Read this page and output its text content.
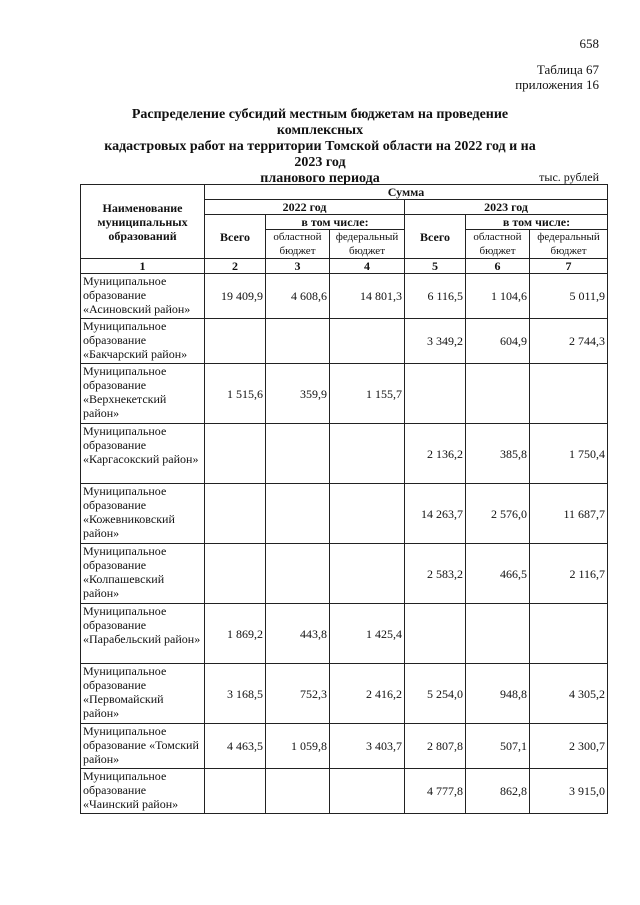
658
Таблица 67
приложения 16
Распределение субсидий местным бюджетам на проведение комплексных
кадастровых работ на территории Томской области на 2022 год и на 2023 год
планового периода	тыс. рублей
Наименование муниципальных образований	Сумма					
	2022 год			2023 год		
	Всего	в том числе:		Всего	в том числе:	
		областной бюджет	федеральный бюджет		областной бюджет	федеральный бюджет
1	2	3	4	5	6	7
Муниципальное образование «Асиновский район»	19 409,9	4 608,6	14 801,3	6 116,5	1 104,6	5 011,9
Муниципальное образование «Бакчарский район»				3 349,2	604,9	2 744,3
Муниципальное образование «Верхнекетский район»	1 515,6	359,9	1 155,7			
Муниципальное образование «Каргасокский район»				2 136,2	385,8	1 750,4
Муниципальное образование «Кожевниковский район»				14 263,7	2 576,0	11 687,7
Муниципальное образование «Колпашевский район»				2 583,2	466,5	2 116,7
Муниципальное образование «Парабельский район»	1 869,2	443,8	1 425,4			
Муниципальное образование «Первомайский район»	3 168,5	752,3	2 416,2	5 254,0	948,8	4 305,2
Муниципальное образование «Томский район»	4 463,5	1 059,8	3 403,7	2 807,8	507,1	2 300,7
Муниципальное образование «Чаинский район»				4 777,8	862,8	3 915,0
